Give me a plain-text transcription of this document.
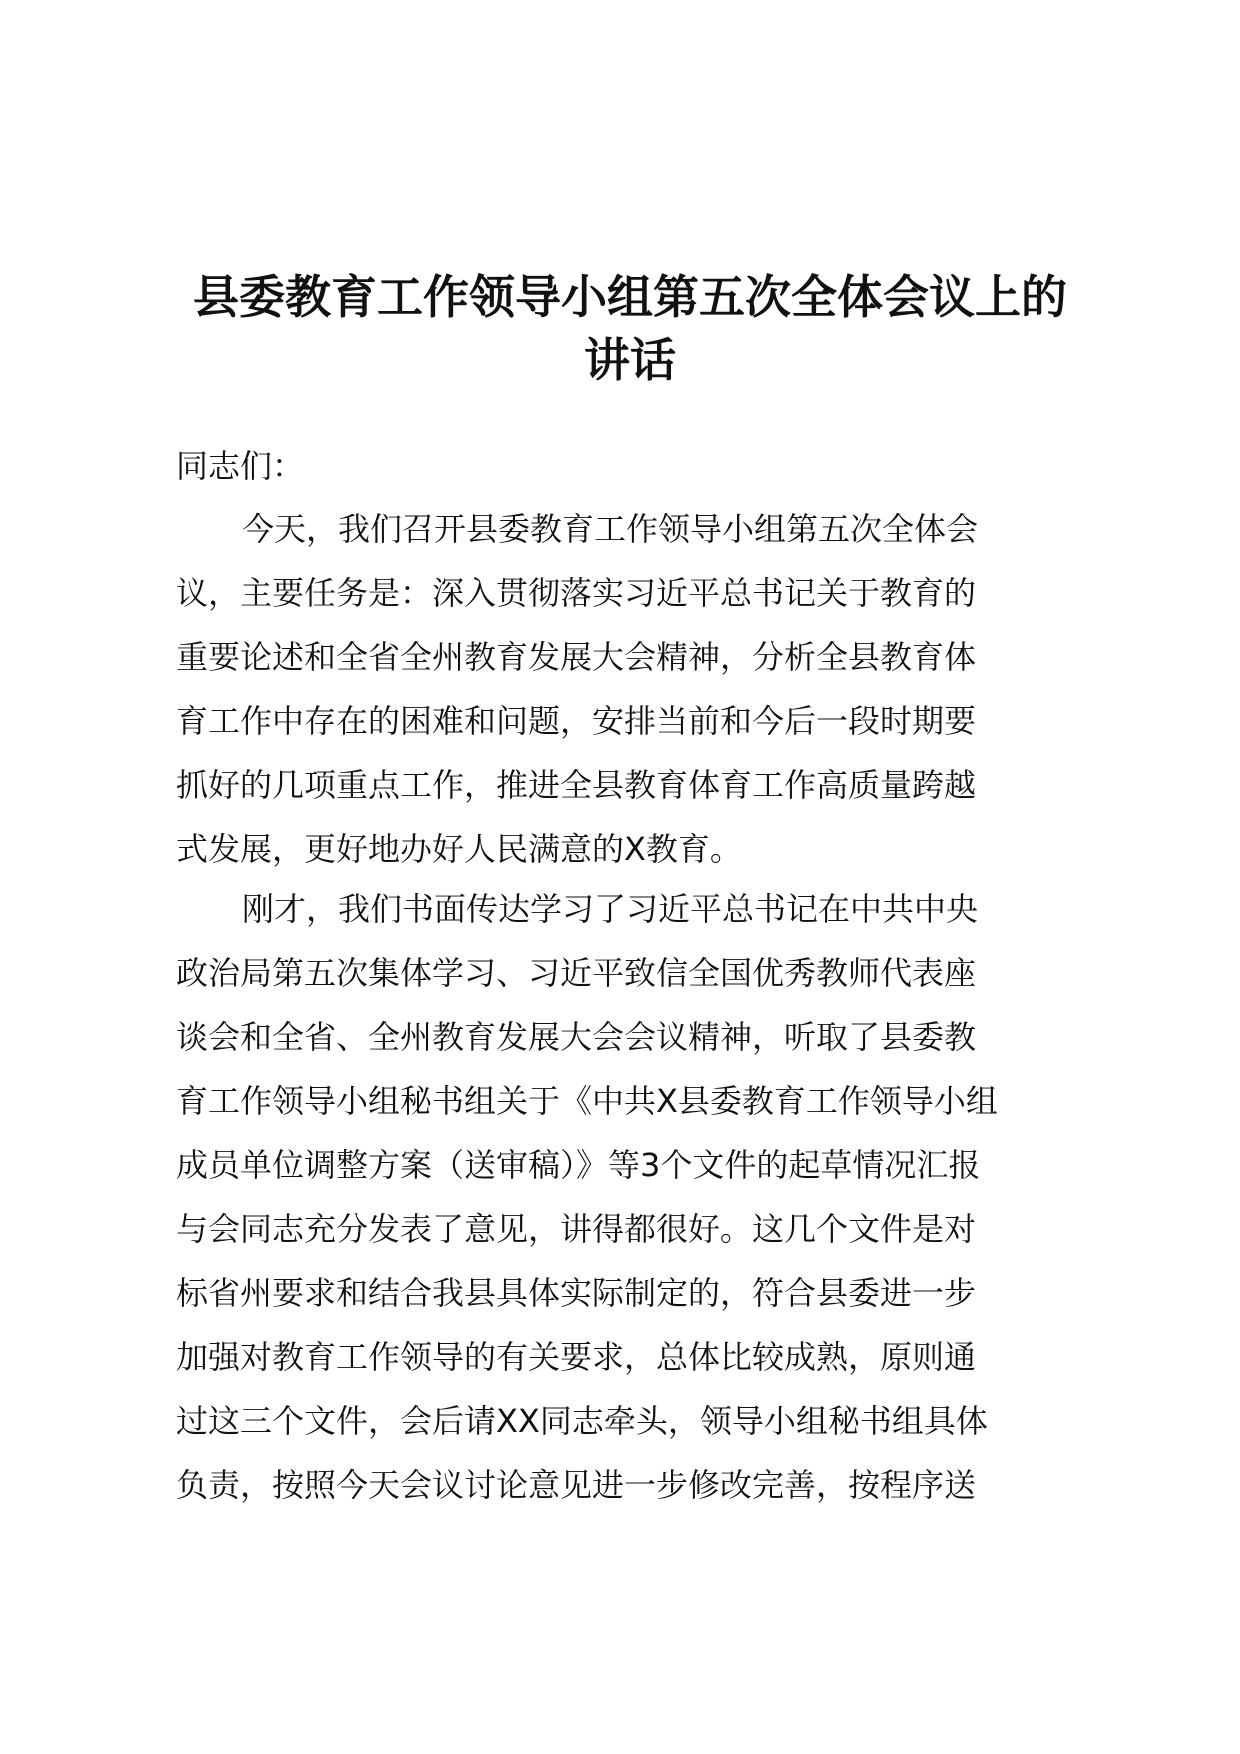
县委教育工作领导小组第五次全体会议上的
讲话

同志们：

今天，我们召开县委教育工作领导小组第五次全体会
议，主要任务是：深入贯彻落实习近平总书记关于教育的
重要论述和全省全州教育发展大会精神，分析全县教育体
育工作中存在的困难和问题，安排当前和今后一段时期要
抓好的几项重点工作，推进全县教育体育工作高质量跨越
式发展，更好地办好人民满意的X教育。
刚才，我们书面传达学习了习近平总书记在中共中央
政治局第五次集体学习、习近平致信全国优秀教师代表座
谈会和全省、全州教育发展大会会议精神，听取了县委教
育工作领导小组秘书组关于《中共X县委教育工作领导小组
成员单位调整方案（送审稿）》等3个文件的起草情况汇报
与会同志充分发表了意见，讲得都很好。这几个文件是对
标省州要求和结合我县具体实际制定的，符合县委进一步
加强对教育工作领导的有关要求，总体比较成熟，原则通
过这三个文件，会后请XX同志牵头，领导小组秘书组具体
负责，按照今天会议讨论意见进一步修改完善，按程序送
